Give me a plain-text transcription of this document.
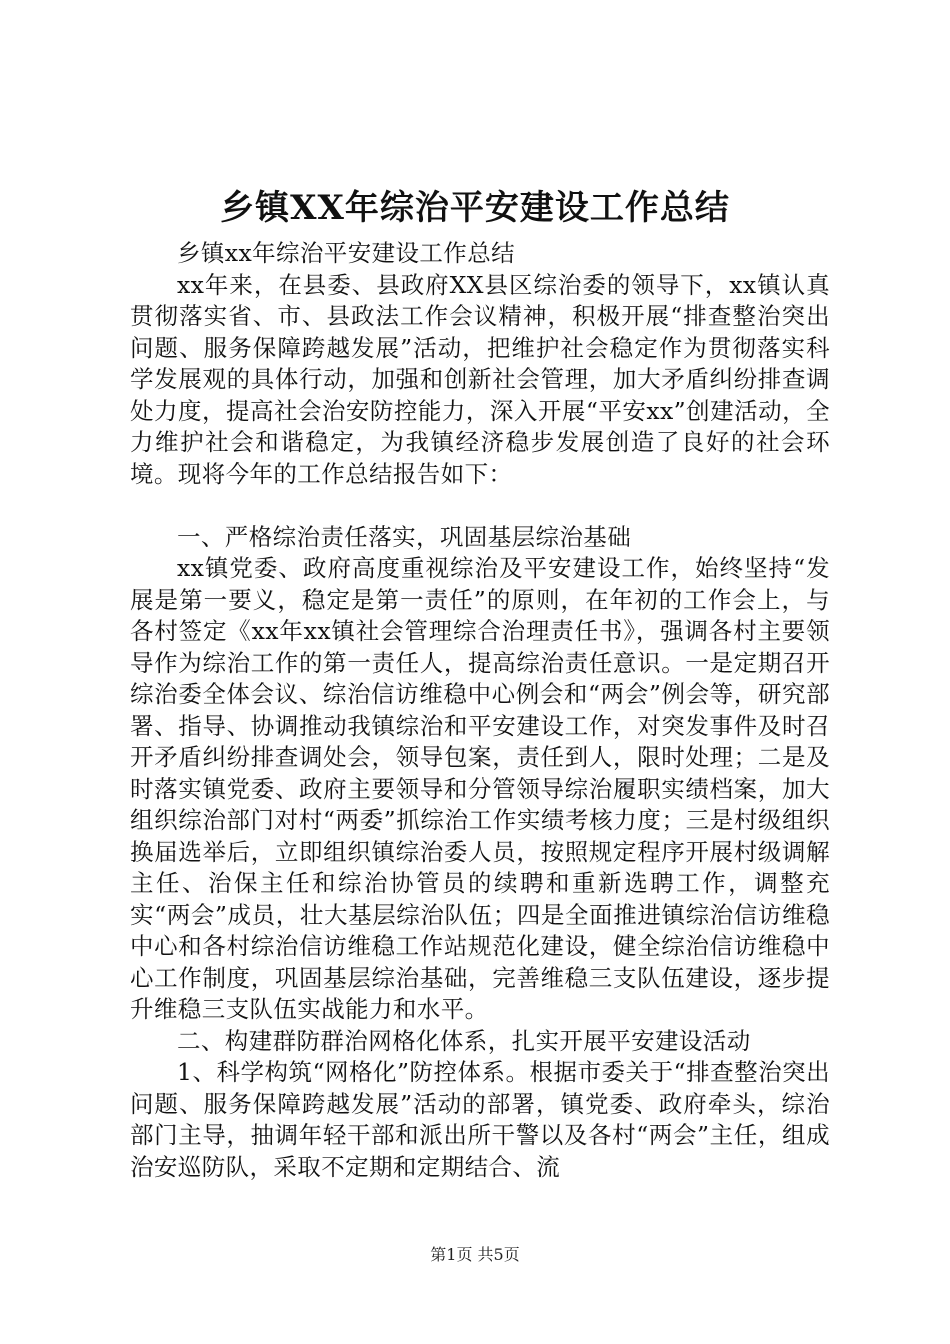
乡镇XX年综治平安建设工作总结

乡镇xx年综治平安建设工作总结

xx年来，在县委、县政府XX县区综治委的领导下，xx镇认真贯彻落实省、市、县政法工作会议精神，积极开展“排查整治突出问题、服务保障跨越发展”活动，把维护社会稳定作为贯彻落实科学发展观的具体行动，加强和创新社会管理，加大矛盾纠纷排查调处力度，提高社会治安防控能力，深入开展“平安xx”创建活动，全力维护社会和谐稳定，为我镇经济稳步发展创造了良好的社会环境。现将今年的工作总结报告如下：

一、严格综治责任落实，巩固基层综治基础

xx镇党委、政府高度重视综治及平安建设工作，始终坚持“发展是第一要义，稳定是第一责任”的原则，在年初的工作会上，与各村签定《xx年xx镇社会管理综合治理责任书》，强调各村主要领导作为综治工作的第一责任人，提高综治责任意识。一是定期召开综治委全体会议、综治信访维稳中心例会和“两会”例会等，研究部署、指导、协调推动我镇综治和平安建设工作，对突发事件及时召开矛盾纠纷排查调处会，领导包案，责任到人，限时处理；二是及时落实镇党委、政府主要领导和分管领导综治履职实绩档案，加大组织综治部门对村“两委”抓综治工作实绩考核力度；三是村级组织换届选举后，立即组织镇综治委人员，按照规定程序开展村级调解主任、治保主任和综治协管员的续聘和重新选聘工作，调整充实“两会”成员，壮大基层综治队伍；四是全面推进镇综治信访维稳中心和各村综治信访维稳工作站规范化建设，健全综治信访维稳中心工作制度，巩固基层综治基础，完善维稳三支队伍建设，逐步提升维稳三支队伍实战能力和水平。

二、构建群防群治网格化体系，扎实开展平安建设活动

1、科学构筑“网格化”防控体系。根据市委关于“排查整治突出问题、服务保障跨越发展”活动的部署，镇党委、政府牵头，综治部门主导，抽调年轻干部和派出所干警以及各村“两会”主任，组成治安巡防队，采取不定期和定期结合、流

第1页 共5页
